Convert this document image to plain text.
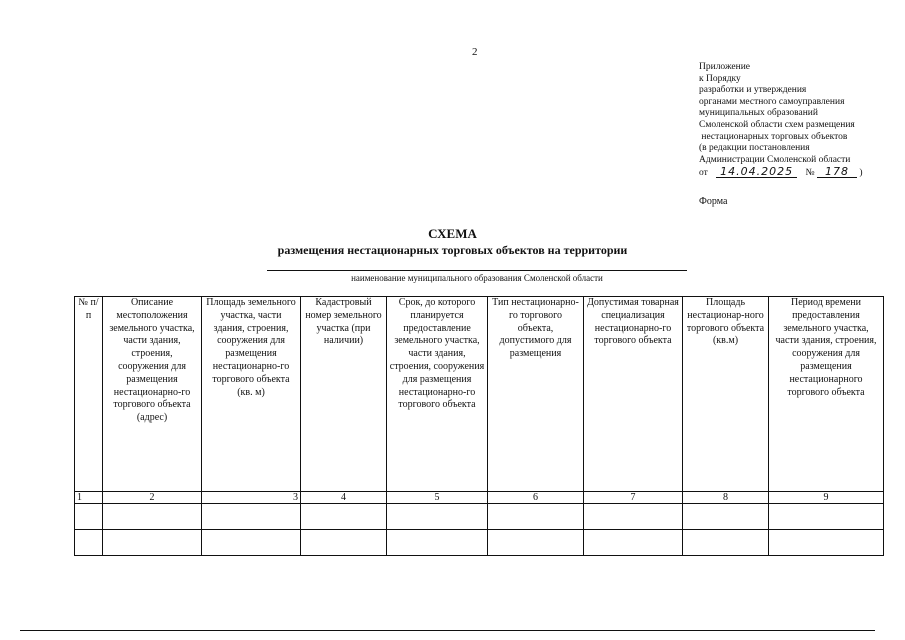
2
Приложение
к Порядку
разработки и утверждения
органами местного самоуправления
муниципальных образований
Смоленской области схем размещения
нестационарных торговых объектов
(в редакции постановления
Администрации Смоленской области
от 14.04.2025 № 178 )
Форма
СХЕМА
размещения нестационарных торговых объектов на территории
наименование муниципального образования Смоленской области
№ п/п	Описание местоположения земельного участка, части здания, строения, сооружения для размещения нестационарно-го торгового объекта (адрес)	Площадь земельного участка, части здания, строения, сооружения для размещения нестационарно-го торгового объекта (кв. м)	Кадастровый номер земельного участка (при наличии)	Срок, до которого планируется предоставление земельного участка, части здания, строения, сооружения для размещения нестационарно-го торгового объекта	Тип нестационарно-го торгового объекта, допустимого для размещения	Допустимая товарная специализация нестационарно-го торгового объекта	Площадь нестационар-ного торгового объекта (кв.м)	Период времени предоставления земельного участка, части здания, строения, сооружения для размещения нестационарного торгового объекта
1	2	3	4	5	6	7	8	9
